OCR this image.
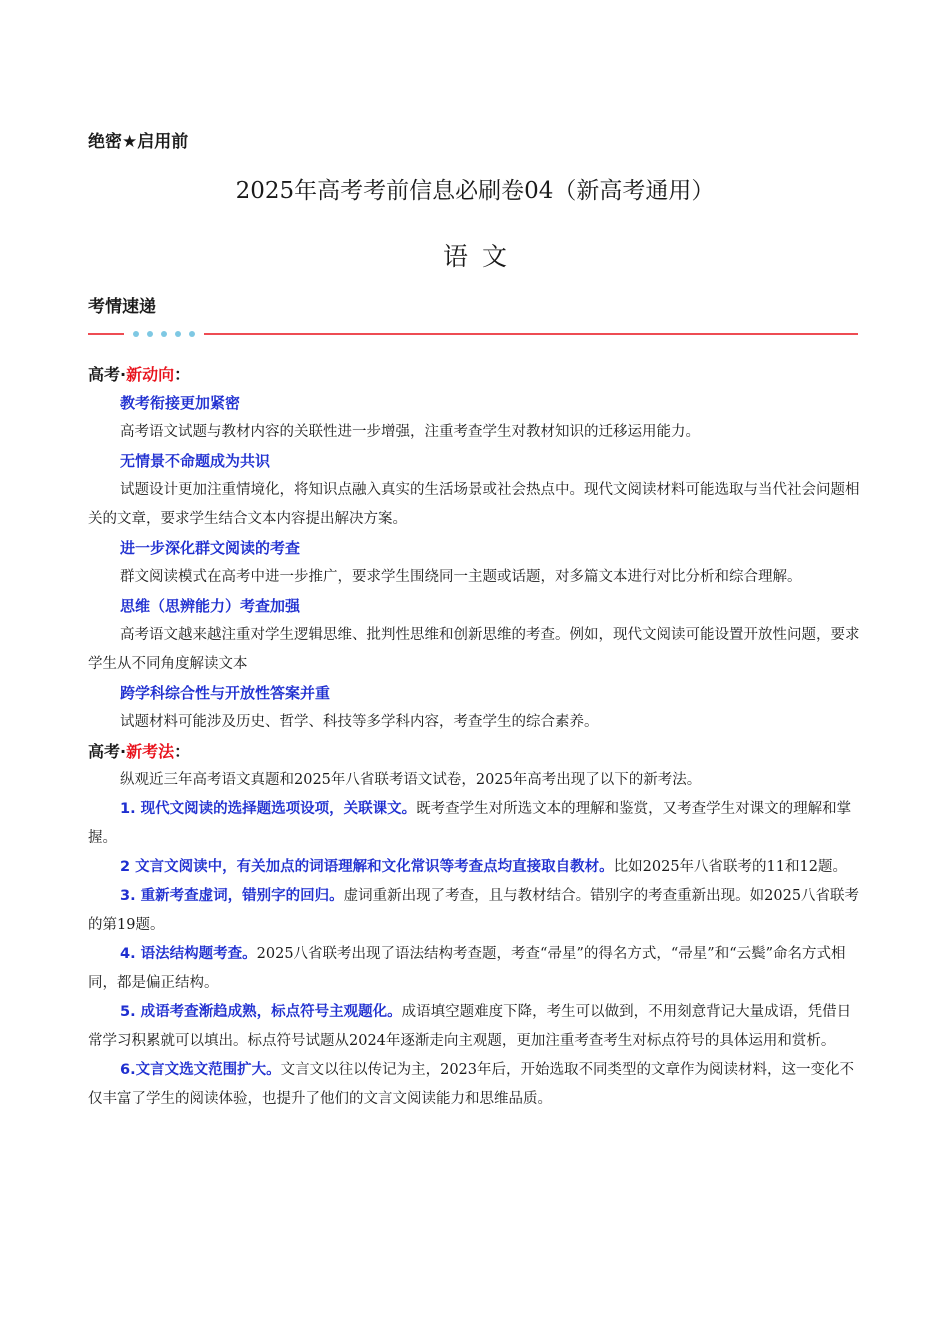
绝密★启用前
2025年高考考前信息必刷卷04（新高考通用）
语文
考情速递
高考·新动向：
教考衔接更加紧密

高考语文试题与教材内容的关联性进一步增强，注重考查学生对教材知识的迁移运用能力。

无情景不命题成为共识

试题设计更加注重情境化，将知识点融入真实的生活场景或社会热点中。现代文阅读材料可能选取与当代社会问题相关的文章，要求学生结合文本内容提出解决方案。

进一步深化群文阅读的考查

群文阅读模式在高考中进一步推广，要求学生围绕同一主题或话题，对多篇文本进行对比分析和综合理解。

思维（思辨能力）考查加强

高考语文越来越注重对学生逻辑思维、批判性思维和创新思维的考查。例如，现代文阅读可能设置开放性问题，要求学生从不同角度解读文本

跨学科综合性与开放性答案并重

试题材料可能涉及历史、哲学、科技等多学科内容，考查学生的综合素养。

高考·新考法：

纵观近三年高考语文真题和2025年八省联考语文试卷，2025年高考出现了以下的新考法。

1. 现代文阅读的选择题选项设项，关联课文。既考查学生对所选文本的理解和鉴赏，又考查学生对课文的理解和掌握。

2 文言文阅读中，有关加点的词语理解和文化常识等考查点均直接取自教材。比如2025年八省联考的11和12题。

3. 重新考查虚词，错别字的回归。虚词重新出现了考查，且与教材结合。错别字的考查重新出现。如2025八省联考的第19题。

4. 语法结构题考查。2025八省联考出现了语法结构考查题，考查“帚星”的得名方式，“帚星”和“云鬓”命名方式相同，都是偏正结构。

5. 成语考查渐趋成熟，标点符号主观题化。成语填空题难度下降，考生可以做到，不用刻意背记大量成语，凭借日常学习积累就可以填出。标点符号试题从2024年逐渐走向主观题，更加注重考查考生对标点符号的具体运用和赏析。

6.文言文选文范围扩大。文言文以往以传记为主，2023年后，开始选取不同类型的文章作为阅读材料，这一变化不仅丰富了学生的阅读体验，也提升了他们的文言文阅读能力和思维品质。
